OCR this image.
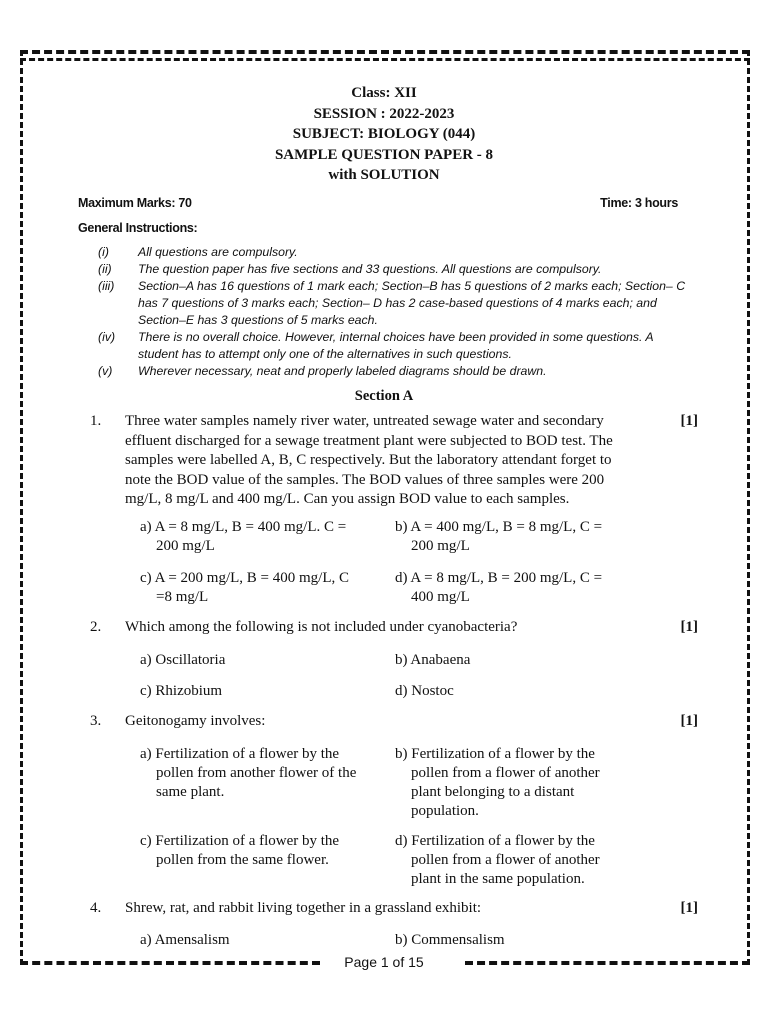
Class: XII
SESSION : 2022-2023
SUBJECT: BIOLOGY (044)
SAMPLE QUESTION PAPER - 8
with SOLUTION
Maximum Marks: 70	Time: 3 hours
General Instructions:
(i)	All questions are compulsory.
(ii)	The question paper has five sections and 33 questions. All questions are compulsory.
(iii)	Section–A has 16 questions of 1 mark each; Section–B has 5 questions of 2 marks each; Section– C has 7 questions of 3 marks each; Section– D has 2 case-based questions of 4 marks each; and Section–E has 3 questions of 5 marks each.
(iv)	There is no overall choice. However, internal choices have been provided in some questions. A student has to attempt only one of the alternatives in such questions.
(v)	Wherever necessary, neat and properly labeled diagrams should be drawn.
Section A
1.	Three water samples namely river water, untreated sewage water and secondary effluent discharged for a sewage treatment plant were subjected to BOD test. The samples were labelled A, B, C respectively. But the laboratory attendant forget to note the BOD value of the samples. The BOD values of three samples were 200 mg/L, 8 mg/L and 400 mg/L. Can you assign BOD value to each samples.
[1]
a) A = 8 mg/L, B = 400 mg/L. C =
200 mg/L
b) A = 400 mg/L, B = 8 mg/L, C =
200 mg/L
c) A = 200 mg/L, B = 400 mg/L, C
=8 mg/L
d) A = 8 mg/L, B = 200 mg/L, C =
400 mg/L
2.	Which among the following is not included under cyanobacteria?	[1]
a) Oscillatoria	b) Anabaena
c) Rhizobium	d) Nostoc
3.	Geitonogamy involves:	[1]
a) Fertilization of a flower by the
pollen from another flower of the same plant.
b) Fertilization of a flower by the
pollen from a flower of another plant belonging to a distant population.
c) Fertilization of a flower by the
pollen from the same flower.
d) Fertilization of a flower by the
pollen from a flower of another plant in the same population.
4.	Shrew, rat, and rabbit living together in a grassland exhibit:	[1]
a) Amensalism	b) Commensalism
Page 1 of 15
